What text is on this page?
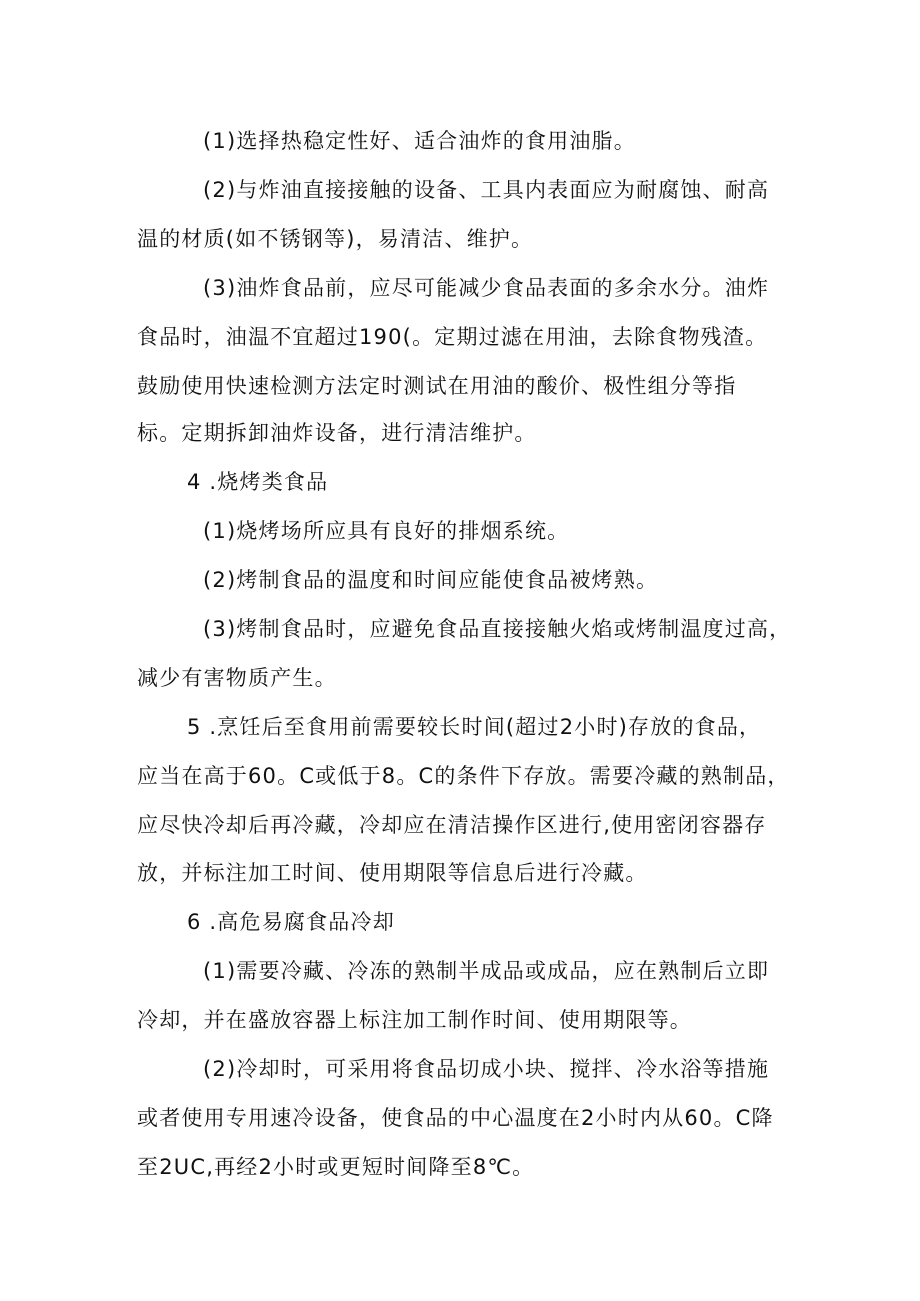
(1)选择热稳定性好、适合油炸的食用油脂。
(2)与炸油直接接触的设备、工具内表面应为耐腐蚀、耐高
温的材质(如不锈钢等)，易清洁、维护。
(3)油炸食品前，应尽可能减少食品表面的多余水分。油炸
食品时，油温不宜超过190(。定期过滤在用油，去除食物残渣。
鼓励使用快速检测方法定时测试在用油的酸价、极性组分等指
标。定期拆卸油炸设备，进行清洁维护。
4 .烧烤类食品
(1)烧烤场所应具有良好的排烟系统。
(2)烤制食品的温度和时间应能使食品被烤熟。
(3)烤制食品时，应避免食品直接接触火焰或烤制温度过高，
减少有害物质产生。
5 .烹饪后至食用前需要较长时间(超过2小时)存放的食品，
应当在高于60。C或低于8。C的条件下存放。需要冷藏的熟制品，
应尽快冷却后再冷藏，冷却应在清洁操作区进行,使用密闭容器存
放，并标注加工时间、使用期限等信息后进行冷藏。
6 .高危易腐食品冷却
(1)需要冷藏、冷冻的熟制半成品或成品，应在熟制后立即
冷却，并在盛放容器上标注加工制作时间、使用期限等。
(2)冷却时，可采用将食品切成小块、搅拌、冷水浴等措施
或者使用专用速冷设备，使食品的中心温度在2小时内从60。C降
至2UC,再经2小时或更短时间降至8℃。
